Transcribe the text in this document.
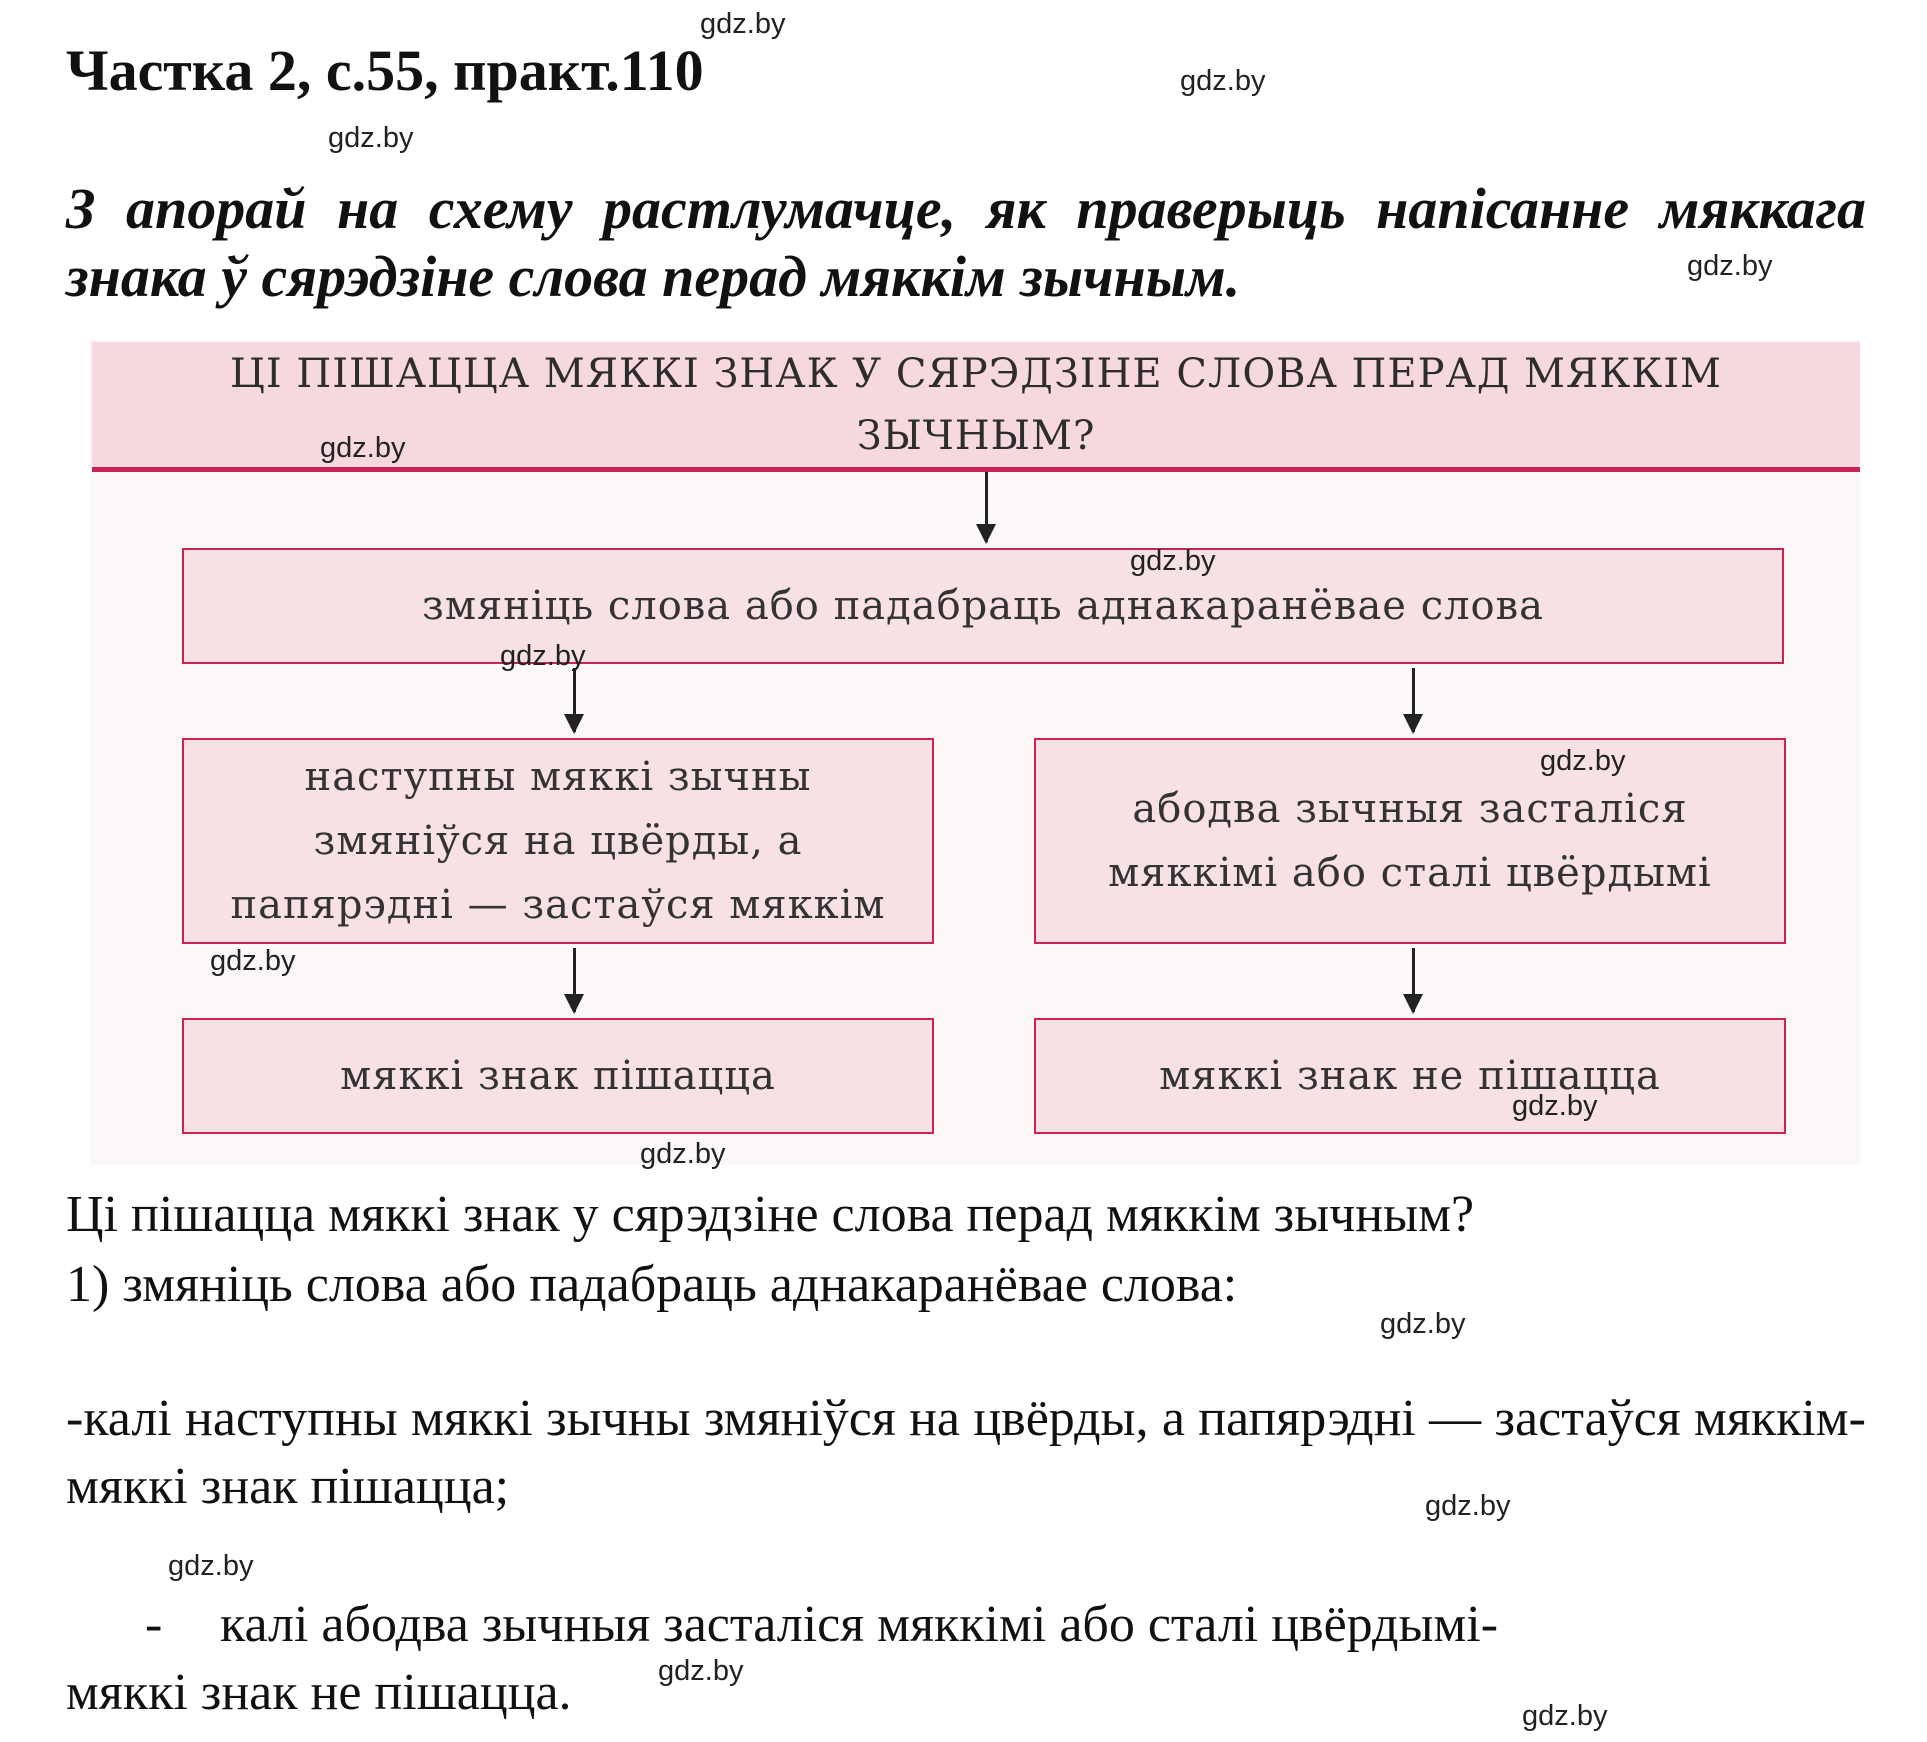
Частка 2, с.55, практ.110
З апорай на схему растлумачце, як праверыць напісанне мяккага знака ў сярэдзіне слова перад мяккім зычным.
ЦІ ПІШАЦЦА МЯККІ ЗНАК У СЯРЭДЗІНЕ СЛОВА ПЕРАД МЯККІМ ЗЫЧНЫМ?
змяніць слова або падабраць аднакаранёвае слова
наступны мяккі зычны змяніўся на цвёрды, а папярэдні — застаўся мяккім
абодва зычныя засталіся мяккімі або сталі цвёрдымі
мяккі знак пішацца	мяккі знак не пішацца
Ці пішацца мяккі знак у сярэдзіне слова перад мяккім зычным?
1) змяніць слова або падабраць аднакаранёвае слова:
-калі наступны мяккі зычны змяніўся на цвёрды, а папярэдні — застаўся мяккім- мяккі знак пішацца;
- калі абодва зычныя засталіся мяккімі або сталі цвёрдымі-
мяккі знак не пішацца.
gdz.by
gdz.by
gdz.by
gdz.by
gdz.by
gdz.by
gdz.by
gdz.by
gdz.by
gdz.by
gdz.by
gdz.by
gdz.by
gdz.by
gdz.by
gdz.by
